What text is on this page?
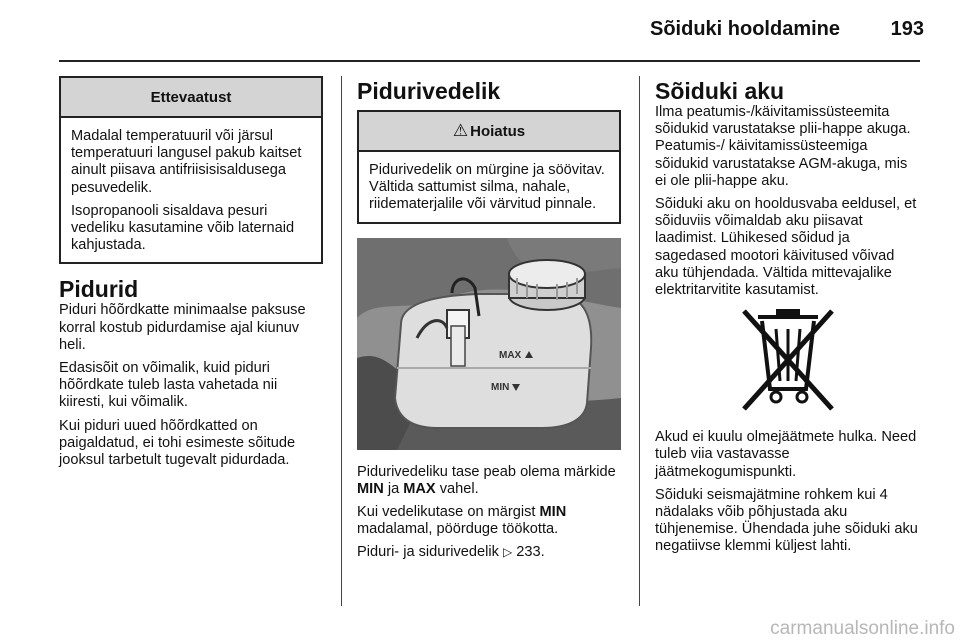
Sõiduki hooldamine	193
Ettevaatust

Madalal temperatuuril või järsul temperatuuri langusel pakub kaitset ainult piisava antifriisisisaldusega pesuvedelik.

Isopropanooli sisaldava pesuri vedeliku kasutamine võib laternaid kahjustada.

Pidurid

Piduri hõõrdkatte minimaalse paksuse korral kostub pidurdamise ajal kiunuv heli.

Edasisõit on võimalik, kuid piduri hõõrdkate tuleb lasta vahetada nii kiiresti, kui võimalik.

Kui piduri uued hõõrdkatted on paigaldatud, ei tohi esimeste sõitude jooksul tarbetult tugevalt pidurdada.

Pidurivedelik
⚠ Hoiatus

Pidurivedelik on mürgine ja söövitav. Vältida sattumist silma, nahale, riidematerjalile või värvitud pinnale.

MAX
MIN

Pidurivedeliku tase peab olema märkide MIN ja MAX vahel.

Kui vedelikutase on märgist MIN madalamal, pöörduge töökotta.

Piduri- ja sidurivedelik ▷ 233.

Sõiduki aku

Ilma peatumis-/käivitamissüsteemita sõidukid varustatakse plii-happe akuga. Peatumis-/ käivitamissüsteemiga sõidukid varustatakse AGM-akuga, mis ei ole plii-happe aku.

Sõiduki aku on hooldusvaba eeldusel, et sõiduviis võimaldab aku piisavat laadimist. Lühikesed sõidud ja sagedased mootori käivitused võivad aku tühjendada. Vältida mittevajalike elektritarvitite kasutamist.

Akud ei kuulu olmejäätmete hulka. Need tuleb viia vastavasse jäätmekogumispunkti.

Sõiduki seismajätmine rohkem kui 4 nädalaks võib põhjustada aku tühjenemise. Ühendada juhe sõiduki aku negatiivse klemmi küljest lahti.

carmanualsonline.info
